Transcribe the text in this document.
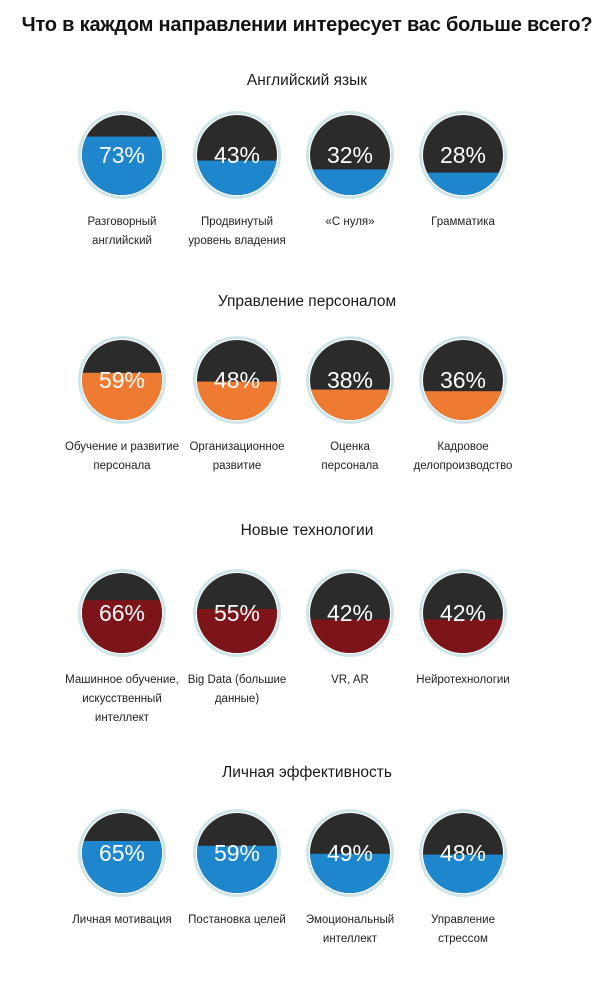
Что в каждом направлении интересует вас больше всего?
Английский язык
73%
Разговорный английский
43%
Продвинутый уровень владения
32%
«С нуля»
28%
Грамматика
Управление персоналом
59%
Обучение и развитие персонала
48%
Организационное развитие
38%
Оценка персонала
36%
Кадровое делопроизводство
Новые технологии
66%
Машинное обучение, искусственный интеллект
55%
Big Data (большие данные)
42%
VR, AR
42%
Нейротехнологии
Личная эффективность
65%
Личная мотивация
59%
Постановка целей
49%
Эмоциональный интеллект
48%
Управление стрессом
